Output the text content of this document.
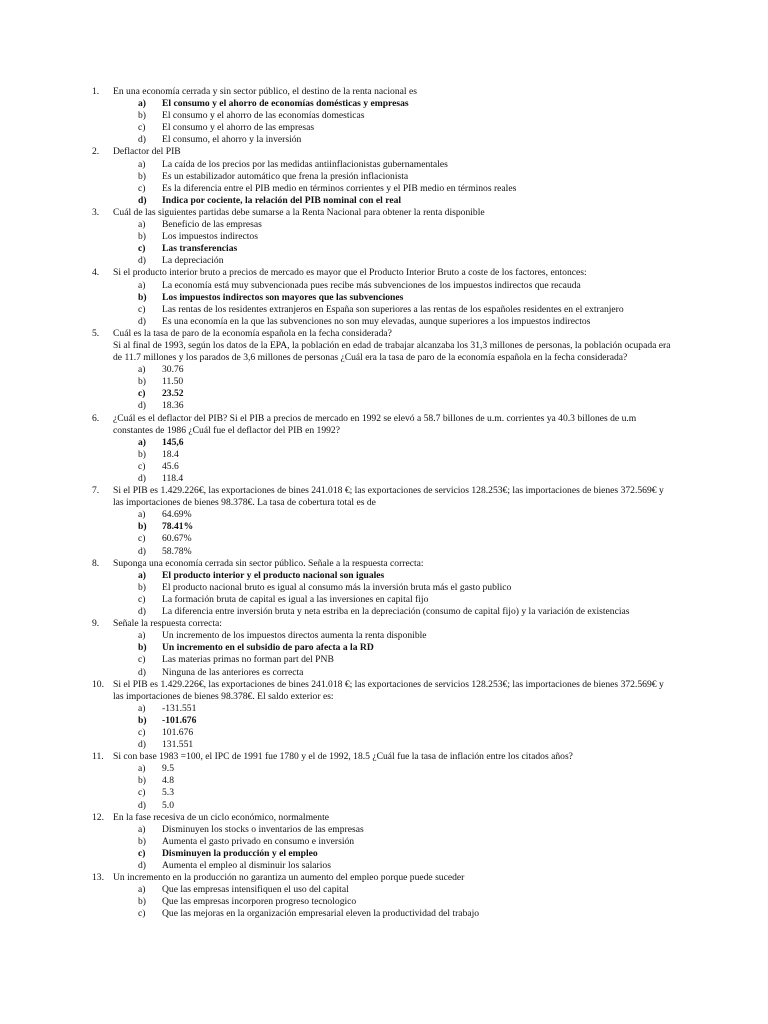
1. En una economía cerrada y sin sector público, el destino de la renta nacional es
a) El consumo y el ahorro de economías domésticas y empresas
b) El consumo y el ahorro de las economías domesticas
c) El consumo y el ahorro de las empresas
d) El consumo, el ahorro y la inversión
2. Deflactor del PIB
a) La caída de los precios por las medidas antiinflacionistas gubernamentales
b) Es un estabilizador automático que frena la presión inflacionista
c) Es la diferencia entre el PIB medio en términos corrientes y el PIB medio en términos reales
d) Indica por cociente, la relación del PIB nominal con el real
3. Cuál de las siguientes partidas debe sumarse a la Renta Nacional para obtener la renta disponible
a) Beneficio de las empresas
b) Los impuestos indirectos
c) Las transferencias
d) La depreciación
4. Si el producto interior bruto a precios de mercado es mayor que el Producto Interior Bruto a coste de los factores, entonces:
a) La economía está muy subvencionada pues recibe más subvenciones de los impuestos indirectos que recauda
b) Los impuestos indirectos son mayores que las subvenciones
c) Las rentas de los residentes extranjeros en España son superiores a las rentas de los españoles residentes en el extranjero
d) Es una economía en la que las subvenciones no son muy elevadas, aunque superiores a los impuestos indirectos
5. Cuál es la tasa de paro de la economía española en la fecha considerada?
Si al final de 1993, según los datos de la EPA, la población en edad de trabajar alcanzaba los 31,3 millones de personas, la población ocupada era de 11.7 millones y los parados de 3,6 millones de personas ¿Cuál era la tasa de paro de la economía española en la fecha considerada?
a) 30.76
b) 11.50
c) 23.52
d) 18.36
6. ¿Cuál es el deflactor del PIB? Si el PIB a precios de mercado en 1992 se elevó a 58.7 billones de u.m. corrientes ya 40.3 billones de u.m constantes de 1986 ¿Cuál fue el deflactor del PIB en 1992?
a) 145,6
b) 18.4
c) 45.6
d) 118.4
7. Si el PIB es 1.429.226€, las exportaciones de bines 241.018 €; las exportaciones de servicios 128.253€; las importaciones de bienes 372.569€ y las importaciones de bienes 98.378€. La tasa de cobertura total es de
a) 64.69%
b) 78.41%
c) 60.67%
d) 58.78%
8. Suponga una economía cerrada sin sector público. Señale a la respuesta correcta:
a) El producto interior y el producto nacional son iguales
b) El producto nacional bruto es igual al consumo más la inversión bruta más el gasto publico
c) La formación bruta de capital es igual a las inversiones en capital fijo
d) La diferencia entre inversión bruta y neta estriba en la depreciación (consumo de capital fijo) y la variación de existencias
9. Señale la respuesta correcta:
a) Un incremento de los impuestos directos aumenta la renta disponible
b) Un incremento en el subsidio de paro afecta a la RD
c) Las materias primas no forman part del PNB
d) Ninguna de las anteriores es correcta
10. Si el PIB es 1.429.226€, las exportaciones de bines 241.018 €; las exportaciones de servicios 128.253€; las importaciones de bienes 372.569€ y las importaciones de bienes 98.378€. El saldo exterior es:
a) -131.551
b) -101.676
c) 101.676
d) 131.551
11. Si con base 1983 =100, el IPC de 1991 fue 1780 y el de 1992, 18.5 ¿Cuál fue la tasa de inflación entre los citados años?
a) 9.5
b) 4.8
c) 5.3
d) 5.0
12. En la fase recesiva de un ciclo económico, normalmente
a) Disminuyen los stocks o inventarios de las empresas
b) Aumenta el gasto privado en consumo e inversión
c) Disminuyen la producción y el empleo
d) Aumenta el empleo al disminuir los salarios
13. Un incremento en la producción no garantiza un aumento del empleo porque puede suceder
a) Que las empresas intensifiquen el uso del capital
b) Que las empresas incorporen progreso tecnologico
c) Que las mejoras en la organización empresarial eleven la productividad del trabajo
